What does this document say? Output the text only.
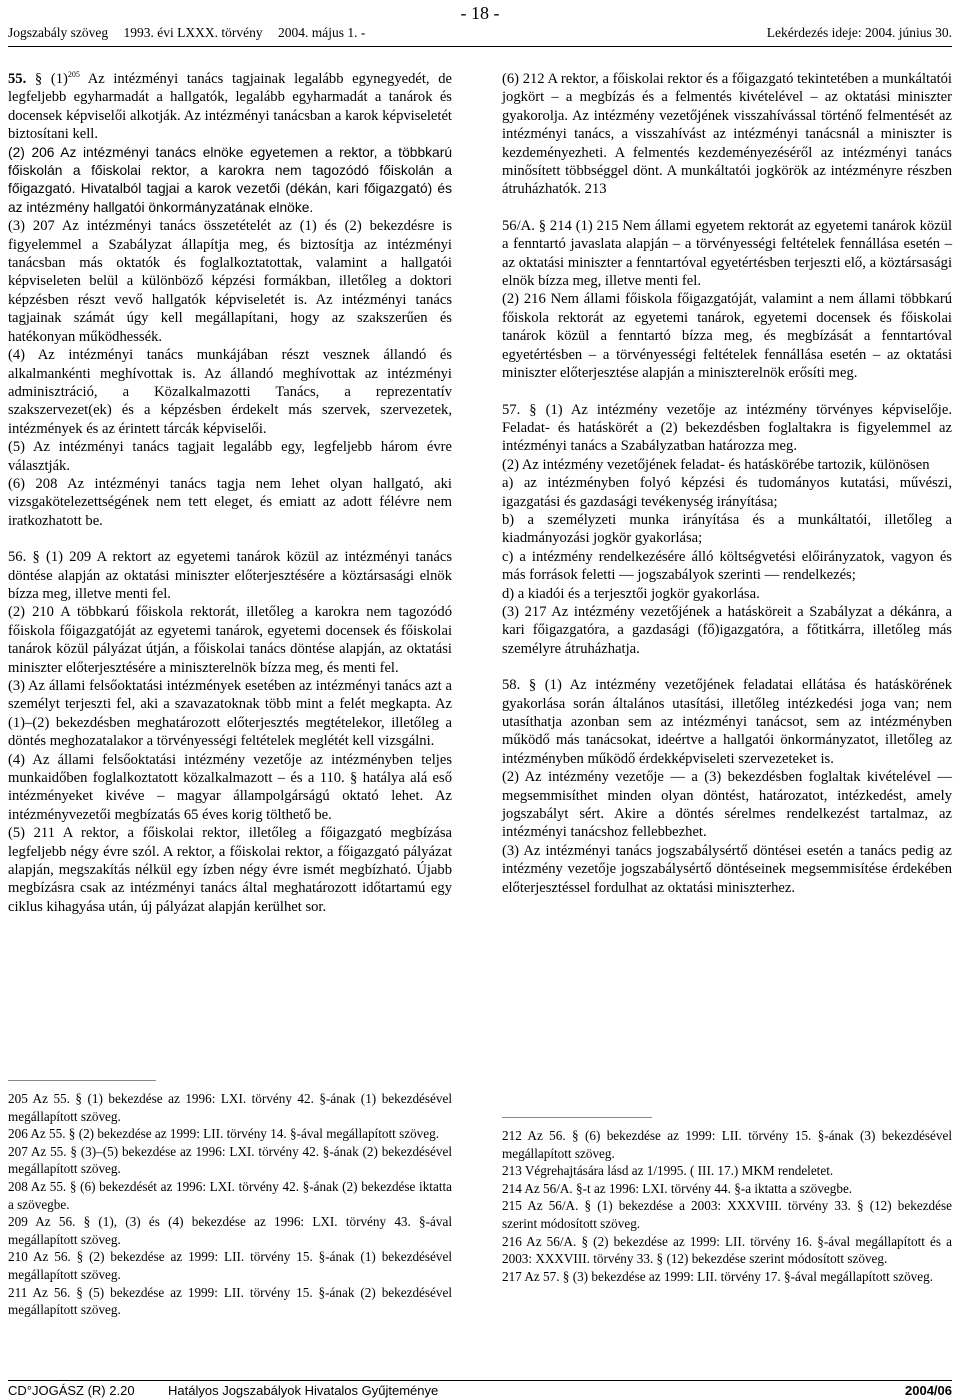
- 18 -
Jogszabály szöveg 1993. évi LXXX. törvény 2004. május 1. -	Lekérdezés ideje: 2004. június 30.

55. § $(1)^{205}$ Az intézményi tanács tagjainak legalább egynegyedét, de legfeljebb egyharmadát a hallgatók, legalább egyharmadát a tanárok és docensek képviselői alkotják. Az intézményi tanácsban a karok képviseletét biztosítani kell.

(2) 206 Az intézményi tanács elnöke egyetemen a rektor, a többkarú főiskolán a főiskolai rektor, a karokra nem tagozódó főiskolán a főigazgató. Hivatalból tagjai a karok vezetői (dékán, kari főigazgató) és az intézmény hallgatói önkormányzatának elnöke.

(3) 207 Az intézményi tanács összetételét az (1) és (2) bekezdésre is figyelemmel a Szabályzat állapítja meg, és biztosítja az intézményi tanácsban más oktatók és foglalkoztatottak, valamint a hallgatói képviseleten belül a különböző képzési formákban, illetőleg a doktori képzésben részt vevő hallgatók képviseletét is. Az intézményi tanács tagjainak számát úgy kell megállapítani, hogy az szakszerűen és hatékonyan működhessék.

(4) Az intézményi tanács munkájában részt vesznek állandó és alkalmankénti meghívottak is. Az állandó meghívottak az intézményi adminisztráció, a Közalkalmazotti Tanács, a reprezentatív szakszervezet(ek) és a képzésben érdekelt más szervek, szervezetek, intézmények és az érintett tárcák képviselői.

(5) Az intézményi tanács tagjait legalább egy, legfeljebb három évre választják.

(6) 208 Az intézményi tanács tagja nem lehet olyan hallgató, aki vizsgakötelezettségének nem tett eleget, és emiatt az adott félévre nem iratkozhatott be.

56. § (1) 209 A rektort az egyetemi tanárok közül az intézményi tanács döntése alapján az oktatási miniszter előterjesztésére a köztársasági elnök bízza meg, illetve menti fel.

(2) 210 A többkarú főiskola rektorát, illetőleg a karokra nem tagozódó főiskola főigazgatóját az egyetemi tanárok, egyetemi docensek és főiskolai tanárok közül pályázat útján, a főiskolai tanács döntése alapján, az oktatási miniszter előterjesztésére a miniszterelnök bízza meg, és menti fel.

(3) Az állami felsőoktatási intézmények esetében az intézményi tanács azt a személyt terjeszti fel, aki a szavazatoknak több mint a felét megkapta. Az (1)–(2) bekezdésben meghatározott előterjesztés megtételekor, illetőleg a döntés meghozatalakor a törvényességi feltételek meglétét kell vizsgálni.

(4) Az állami felsőoktatási intézmény vezetője az intézményben teljes munkaidőben foglalkoztatott közalkalmazott – és a 110. § hatálya alá eső intézményeket kivéve – magyar állampolgárságú oktató lehet. Az intézményvezetői megbízatás 65 éves korig tölthető be.

(5) 211 A rektor, a főiskolai rektor, illetőleg a főigazgató megbízása legfeljebb négy évre szól. A rektor, a főiskolai rektor, a főigazgató pályázat alapján, megszakítás nélkül egy ízben négy évre ismét megbízható. Újabb megbízásra csak az intézményi tanács által meghatározott időtartamú egy ciklus kihagyása után, új pályázat alapján kerülhet sor.

(6) 212 A rektor, a főiskolai rektor és a főigazgató tekintetében a munkáltatói jogkört – a megbízás és a felmentés kivételével – az oktatási miniszter gyakorolja. Az intézmény vezetőjének visszahívással történő felmentését az intézményi tanács, a visszahívást az intézményi tanácsnál a miniszter is kezdeményezheti. A felmentés kezdeményezéséről az intézményi tanács minősített többséggel dönt. A munkáltatói jogkörök az intézményre részben átruházhatók. 213

56/A. § 214 (1) 215 Nem állami egyetem rektorát az egyetemi tanárok közül a fenntartó javaslata alapján – a törvényességi feltételek fennállása esetén – az oktatási miniszter a fenntartóval egyetértésben terjeszti elő, a köztársasági elnök bízza meg, illetve menti fel.

(2) 216 Nem állami főiskola főigazgatóját, valamint a nem állami többkarú főiskola rektorát az egyetemi tanárok, egyetemi docensek és főiskolai tanárok közül a fenntartó bízza meg, és megbízását a fenntartóval egyetértésben – a törvényességi feltételek fennállása esetén – az oktatási miniszter előterjesztése alapján a miniszterelnök erősíti meg.

57. § (1) Az intézmény vezetője az intézmény törvényes képviselője. Feladat- és hatáskörét a (2) bekezdésben foglaltakra is figyelemmel az intézményi tanács a Szabályzatban határozza meg.

(2) Az intézmény vezetőjének feladat- és hatáskörébe tartozik, különösen

a) az intézményben folyó képzési és tudományos kutatási, művészi, igazgatási és gazdasági tevékenység irányítása;

b) a személyzeti munka irányítása és a munkáltatói, illetőleg a kiadmányozási jogkör gyakorlása;

c) a intézmény rendelkezésére álló költségvetési előirányzatok, vagyon és más források feletti — jogszabályok szerinti — rendelkezés;

d) a kiadói és a terjesztői jogkör gyakorlása.

(3) 217 Az intézmény vezetőjének a hatásköreit a Szabályzat a dékánra, a kari főigazgatóra, a gazdasági (fő)igazgatóra, a főtitkárra, illetőleg más személyre átruházhatja.

58. § (1) Az intézmény vezetőjének feladatai ellátása és hatáskörének gyakorlása során általános utasítási, illetőleg intézkedési joga van; nem utasíthatja azonban sem az intézményi tanácsot, sem az intézményben működő más tanácsokat, ideértve a hallgatói önkormányzatot, illetőleg az intézményben működő érdekképviseleti szervezeteket is.

(2) Az intézmény vezetője — a (3) bekezdésben foglaltak kivételével — megsemmisíthet minden olyan döntést, határozatot, intézkedést, amely jogszabályt sért. Akire a döntés sérelmes rendelkezést tartalmaz, az intézményi tanácshoz fellebbezhet.

(3) Az intézményi tanács jogszabálysértő döntései esetén a tanács pedig az intézmény vezetője jogszabálysértő döntéseinek megsemmisítése érdekében előterjesztéssel fordulhat az oktatási miniszterhez.

205 Az 55. § (1) bekezdése az 1996: LXI. törvény 42. §-ának (1) bekezdésével megállapított szöveg.

206 Az 55. § (2) bekezdése az 1999: LII. törvény 14. §-ával megállapított szöveg.

207 Az 55. § (3)–(5) bekezdése az 1996: LXI. törvény 42. §-ának (2) bekezdésével megállapított szöveg.

208 Az 55. § (6) bekezdését az 1996: LXI. törvény 42. §-ának (2) bekezdése iktatta a szövegbe.

209 Az 56. § (1), (3) és (4) bekezdése az 1996: LXI. törvény 43. §-ával megállapított szöveg.

210 Az 56. § (2) bekezdése az 1999: LII. törvény 15. §-ának (1) bekezdésével megállapított szöveg.

211 Az 56. § (5) bekezdése az 1999: LII. törvény 15. §-ának (2) bekezdésével megállapított szöveg.

212 Az 56. § (6) bekezdése az 1999: LII. törvény 15. §-ának (3) bekezdésével megállapított szöveg.

213 Végrehajtására lásd az 1/1995. ( III. 17.) MKM rendeletet.

214 Az 56/A. §-t az 1996: LXI. törvény 44. §-a iktatta a szövegbe.

215 Az 56/A. § (1) bekezdése a 2003: XXXVIII. törvény 33. § (12) bekezdése szerint módosított szöveg.

216 Az 56/A. § (2) bekezdése az 1999: LII. törvény 16. §-ával megállapított és a 2003: XXXVIII. törvény 33. § (12) bekezdése szerint módosított szöveg.

217 Az 57. § (3) bekezdése az 1999: LII. törvény 17. §-ával megállapított szöveg.

CD°JOGÁSZ (R) 2.20	Hatályos Jogszabályok Hivatalos Gyűjteménye	2004/06
